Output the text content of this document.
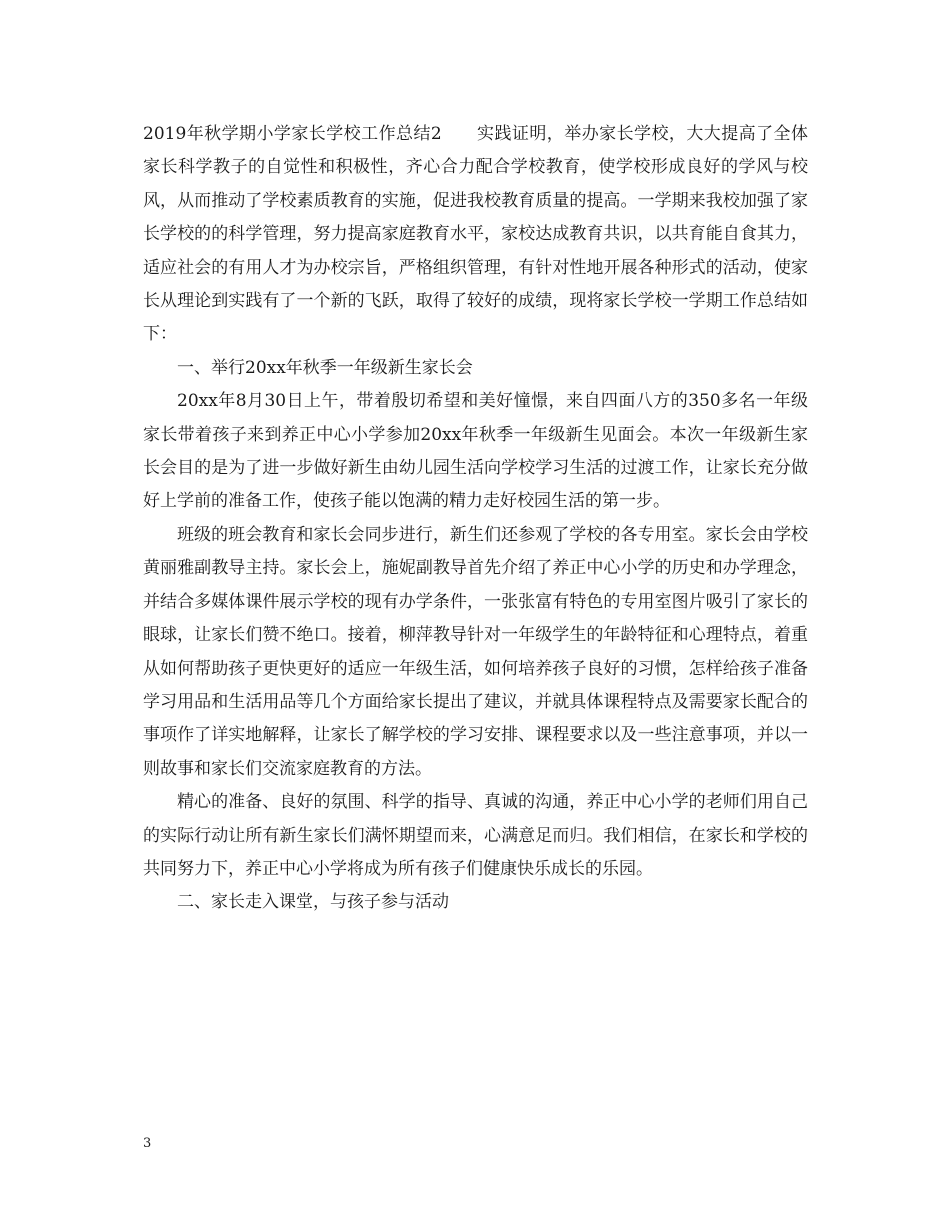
2019年秋学期小学家长学校工作总结2　　实践证明，举办家长学校，大大提高了全体家长科学教子的自觉性和积极性，齐心合力配合学校教育，使学校形成良好的学风与校风，从而推动了学校素质教育的实施，促进我校教育质量的提高。一学期来我校加强了家长学校的的科学管理，努力提高家庭教育水平，家校达成教育共识，以共育能自食其力，适应社会的有用人才为办校宗旨，严格组织管理，有针对性地开展各种形式的活动，使家长从理论到实践有了一个新的飞跃，取得了较好的成绩，现将家长学校一学期工作总结如下：

一、举行20xx年秋季一年级新生家长会

20xx年8月30日上午，带着殷切希望和美好憧憬，来自四面八方的350多名一年级家长带着孩子来到养正中心小学参加20xx年秋季一年级新生见面会。本次一年级新生家长会目的是为了进一步做好新生由幼儿园生活向学校学习生活的过渡工作，让家长充分做好上学前的准备工作，使孩子能以饱满的精力走好校园生活的第一步。

班级的班会教育和家长会同步进行，新生们还参观了学校的各专用室。家长会由学校黄丽雅副教导主持。家长会上，施妮副教导首先介绍了养正中心小学的历史和办学理念，并结合多媒体课件展示学校的现有办学条件，一张张富有特色的专用室图片吸引了家长的眼球，让家长们赞不绝口。接着，柳萍教导针对一年级学生的年龄特征和心理特点，着重从如何帮助孩子更快更好的适应一年级生活，如何培养孩子良好的习惯，怎样给孩子准备学习用品和生活用品等几个方面给家长提出了建议，并就具体课程特点及需要家长配合的事项作了详实地解释，让家长了解学校的学习安排、课程要求以及一些注意事项，并以一则故事和家长们交流家庭教育的方法。

精心的准备、良好的氛围、科学的指导、真诚的沟通，养正中心小学的老师们用自己的实际行动让所有新生家长们满怀期望而来，心满意足而归。我们相信，在家长和学校的共同努力下，养正中心小学将成为所有孩子们健康快乐成长的乐园。

二、家长走入课堂，与孩子参与活动

3
